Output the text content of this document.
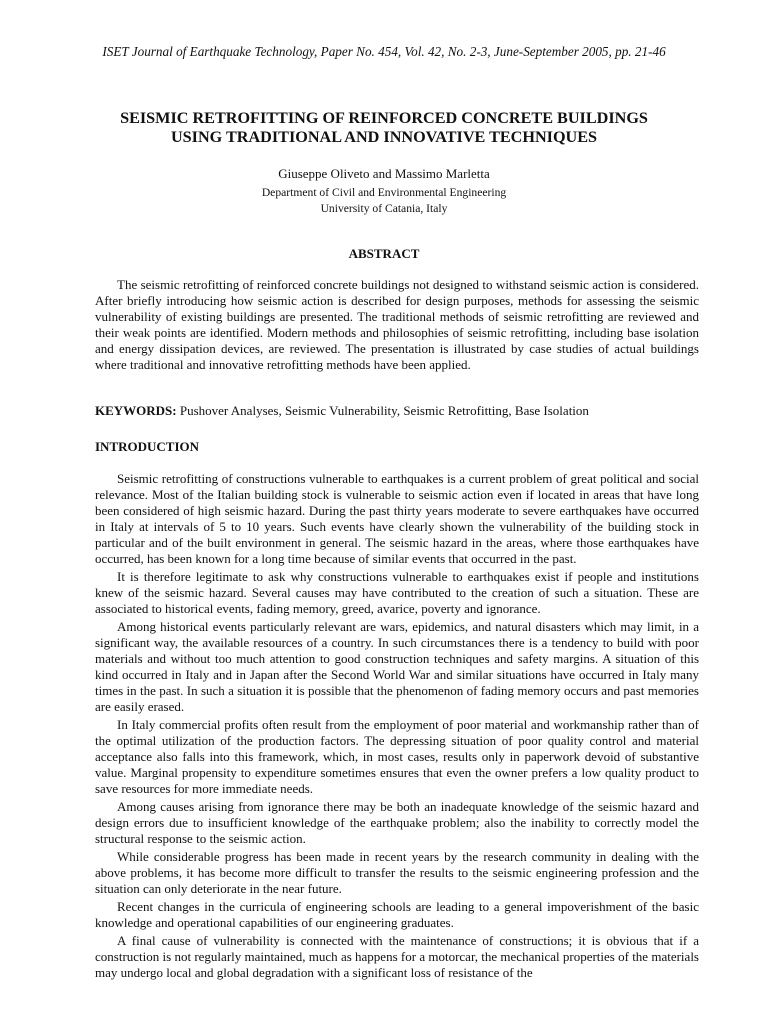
ISET Journal of Earthquake Technology, Paper No. 454, Vol. 42, No. 2-3, June-September 2005, pp. 21-46
SEISMIC RETROFITTING OF REINFORCED CONCRETE BUILDINGS
USING TRADITIONAL AND INNOVATIVE TECHNIQUES
Giuseppe Oliveto and Massimo Marletta
Department of Civil and Environmental Engineering
University of Catania, Italy
ABSTRACT

The seismic retrofitting of reinforced concrete buildings not designed to withstand seismic action is considered. After briefly introducing how seismic action is described for design purposes, methods for assessing the seismic vulnerability of existing buildings are presented. The traditional methods of seismic retrofitting are reviewed and their weak points are identified. Modern methods and philosophies of seismic retrofitting, including base isolation and energy dissipation devices, are reviewed. The presentation is illustrated by case studies of actual buildings where traditional and innovative retrofitting methods have been applied.

KEYWORDS: Pushover Analyses, Seismic Vulnerability, Seismic Retrofitting, Base Isolation
INTRODUCTION

Seismic retrofitting of constructions vulnerable to earthquakes is a current problem of great political and social relevance. Most of the Italian building stock is vulnerable to seismic action even if located in areas that have long been considered of high seismic hazard. During the past thirty years moderate to severe earthquakes have occurred in Italy at intervals of 5 to 10 years. Such events have clearly shown the vulnerability of the building stock in particular and of the built environment in general. The seismic hazard in the areas, where those earthquakes have occurred, has been known for a long time because of similar events that occurred in the past.

It is therefore legitimate to ask why constructions vulnerable to earthquakes exist if people and institutions knew of the seismic hazard. Several causes may have contributed to the creation of such a situation. These are associated to historical events, fading memory, greed, avarice, poverty and ignorance.

Among historical events particularly relevant are wars, epidemics, and natural disasters which may limit, in a significant way, the available resources of a country. In such circumstances there is a tendency to build with poor materials and without too much attention to good construction techniques and safety margins. A situation of this kind occurred in Italy and in Japan after the Second World War and similar situations have occurred in Italy many times in the past. In such a situation it is possible that the phenomenon of fading memory occurs and past memories are easily erased.

In Italy commercial profits often result from the employment of poor material and workmanship rather than of the optimal utilization of the production factors. The depressing situation of poor quality control and material acceptance also falls into this framework, which, in most cases, results only in paperwork devoid of substantive value. Marginal propensity to expenditure sometimes ensures that even the owner prefers a low quality product to save resources for more immediate needs.

Among causes arising from ignorance there may be both an inadequate knowledge of the seismic hazard and design errors due to insufficient knowledge of the earthquake problem; also the inability to correctly model the structural response to the seismic action.

While considerable progress has been made in recent years by the research community in dealing with the above problems, it has become more difficult to transfer the results to the seismic engineering profession and the situation can only deteriorate in the near future.

Recent changes in the curricula of engineering schools are leading to a general impoverishment of the basic knowledge and operational capabilities of our engineering graduates.

A final cause of vulnerability is connected with the maintenance of constructions; it is obvious that if a construction is not regularly maintained, much as happens for a motorcar, the mechanical properties of the materials may undergo local and global degradation with a significant loss of resistance of the
